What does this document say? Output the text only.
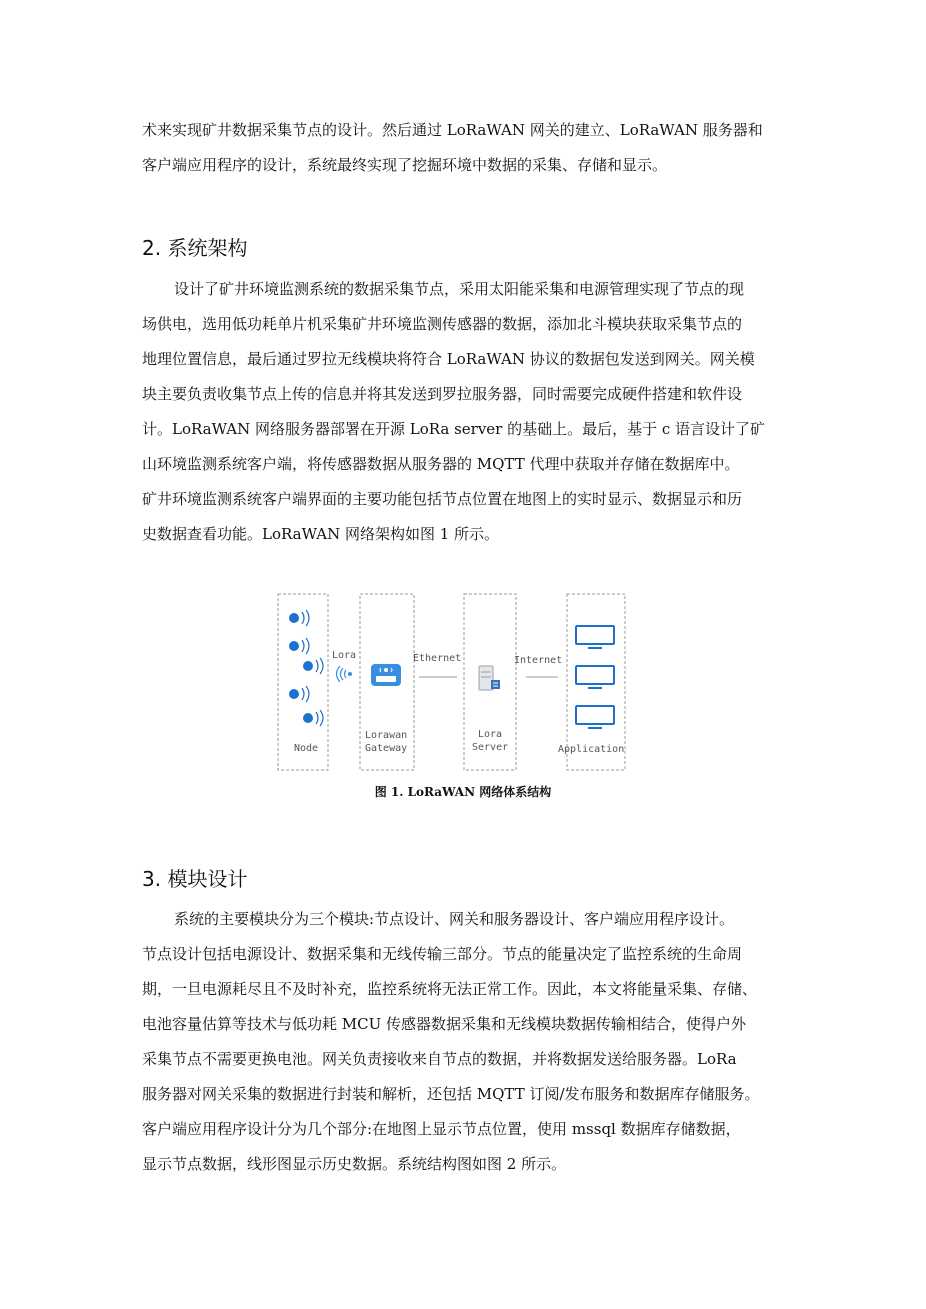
术来实现矿井数据采集节点的设计。然后通过 LoRaWAN 网关的建立、LoRaWAN 服务器和
客户端应用程序的设计，系统最终实现了挖掘环境中数据的采集、存储和显示。
2. 系统架构
设计了矿井环境监测系统的数据采集节点，采用太阳能采集和电源管理实现了节点的现
场供电，选用低功耗单片机采集矿井环境监测传感器的数据，添加北斗模块获取采集节点的
地理位置信息，最后通过罗拉无线模块将符合 LoRaWAN 协议的数据包发送到网关。网关模
块主要负责收集节点上传的信息并将其发送到罗拉服务器，同时需要完成硬件搭建和软件设
计。LoRaWAN 网络服务器部署在开源 LoRa server 的基础上。最后，基于 c 语言设计了矿
山环境监测系统客户端，将传感器数据从服务器的 MQTT 代理中获取并存储在数据库中。
矿井环境监测系统客户端界面的主要功能包括节点位置在地图上的实时显示、数据显示和历
史数据查看功能。LoRaWAN 网络架构如图 1 所示。
Node
Lora
Lorawan
Gateway
Ethernet
Lora
Server
Internet
Application
图 1. LoRaWAN 网络体系结构
3. 模块设计
系统的主要模块分为三个模块:节点设计、网关和服务器设计、客户端应用程序设计。
节点设计包括电源设计、数据采集和无线传输三部分。节点的能量决定了监控系统的生命周
期，一旦电源耗尽且不及时补充，监控系统将无法正常工作。因此，本文将能量采集、存储、
电池容量估算等技术与低功耗 MCU 传感器数据采集和无线模块数据传输相结合，使得户外
采集节点不需要更换电池。网关负责接收来自节点的数据，并将数据发送给服务器。LoRa
服务器对网关采集的数据进行封装和解析，还包括 MQTT 订阅/发布服务和数据库存储服务。
客户端应用程序设计分为几个部分:在地图上显示节点位置，使用 mssql 数据库存储数据，
显示节点数据，线形图显示历史数据。系统结构图如图 2 所示。
